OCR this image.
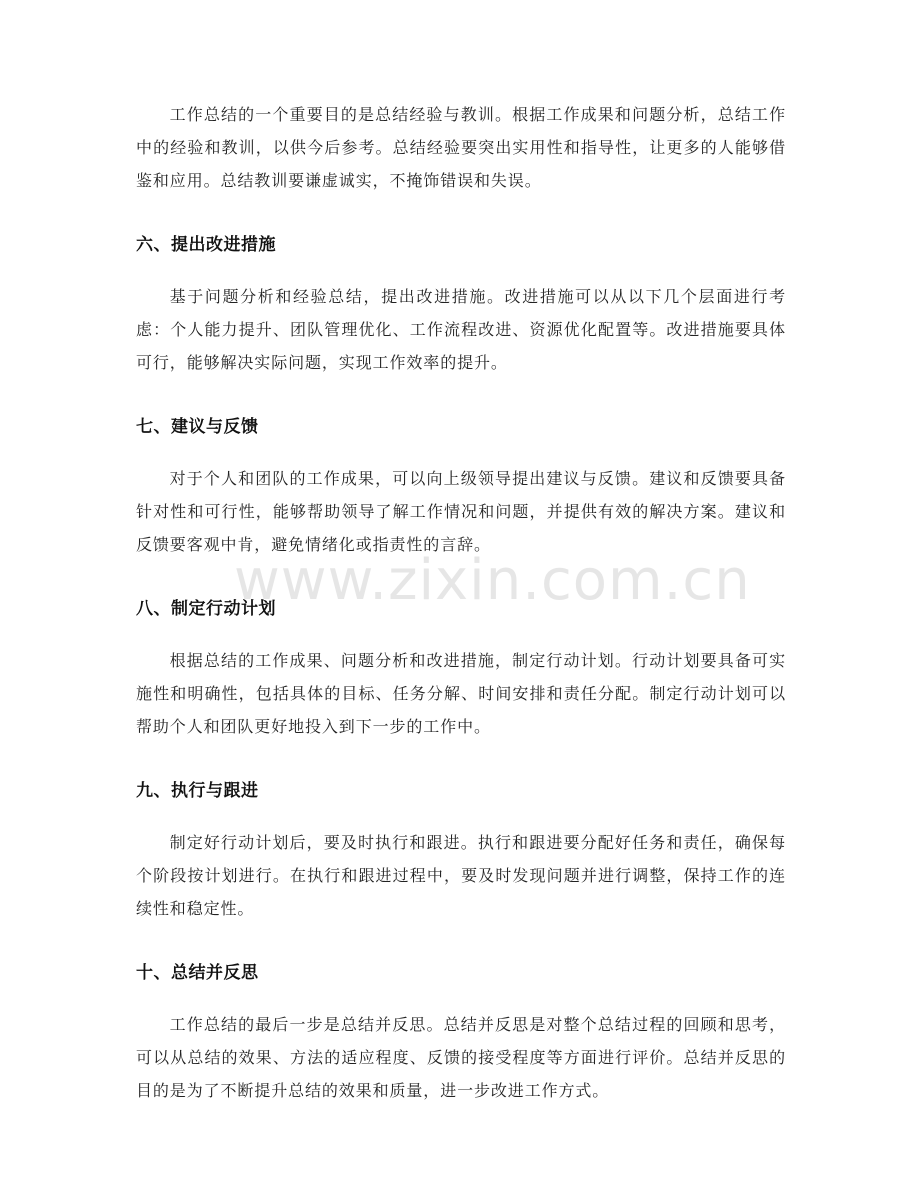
工作总结的一个重要目的是总结经验与教训。根据工作成果和问题分析，总结工作中的经验和教训，以供今后参考。总结经验要突出实用性和指导性，让更多的人能够借鉴和应用。总结教训要谦虚诚实，不掩饰错误和失误。

六、提出改进措施

基于问题分析和经验总结，提出改进措施。改进措施可以从以下几个层面进行考虑：个人能力提升、团队管理优化、工作流程改进、资源优化配置等。改进措施要具体可行，能够解决实际问题，实现工作效率的提升。

七、建议与反馈

对于个人和团队的工作成果，可以向上级领导提出建议与反馈。建议和反馈要具备针对性和可行性，能够帮助领导了解工作情况和问题，并提供有效的解决方案。建议和反馈要客观中肯，避免情绪化或指责性的言辞。

八、制定行动计划

根据总结的工作成果、问题分析和改进措施，制定行动计划。行动计划要具备可实施性和明确性，包括具体的目标、任务分解、时间安排和责任分配。制定行动计划可以帮助个人和团队更好地投入到下一步的工作中。

九、执行与跟进

制定好行动计划后，要及时执行和跟进。执行和跟进要分配好任务和责任，确保每个阶段按计划进行。在执行和跟进过程中，要及时发现问题并进行调整，保持工作的连续性和稳定性。

十、总结并反思

工作总结的最后一步是总结并反思。总结并反思是对整个总结过程的回顾和思考，可以从总结的效果、方法的适应程度、反馈的接受程度等方面进行评价。总结并反思的目的是为了不断提升总结的效果和质量，进一步改进工作方式。

www.zixin.com.cn
